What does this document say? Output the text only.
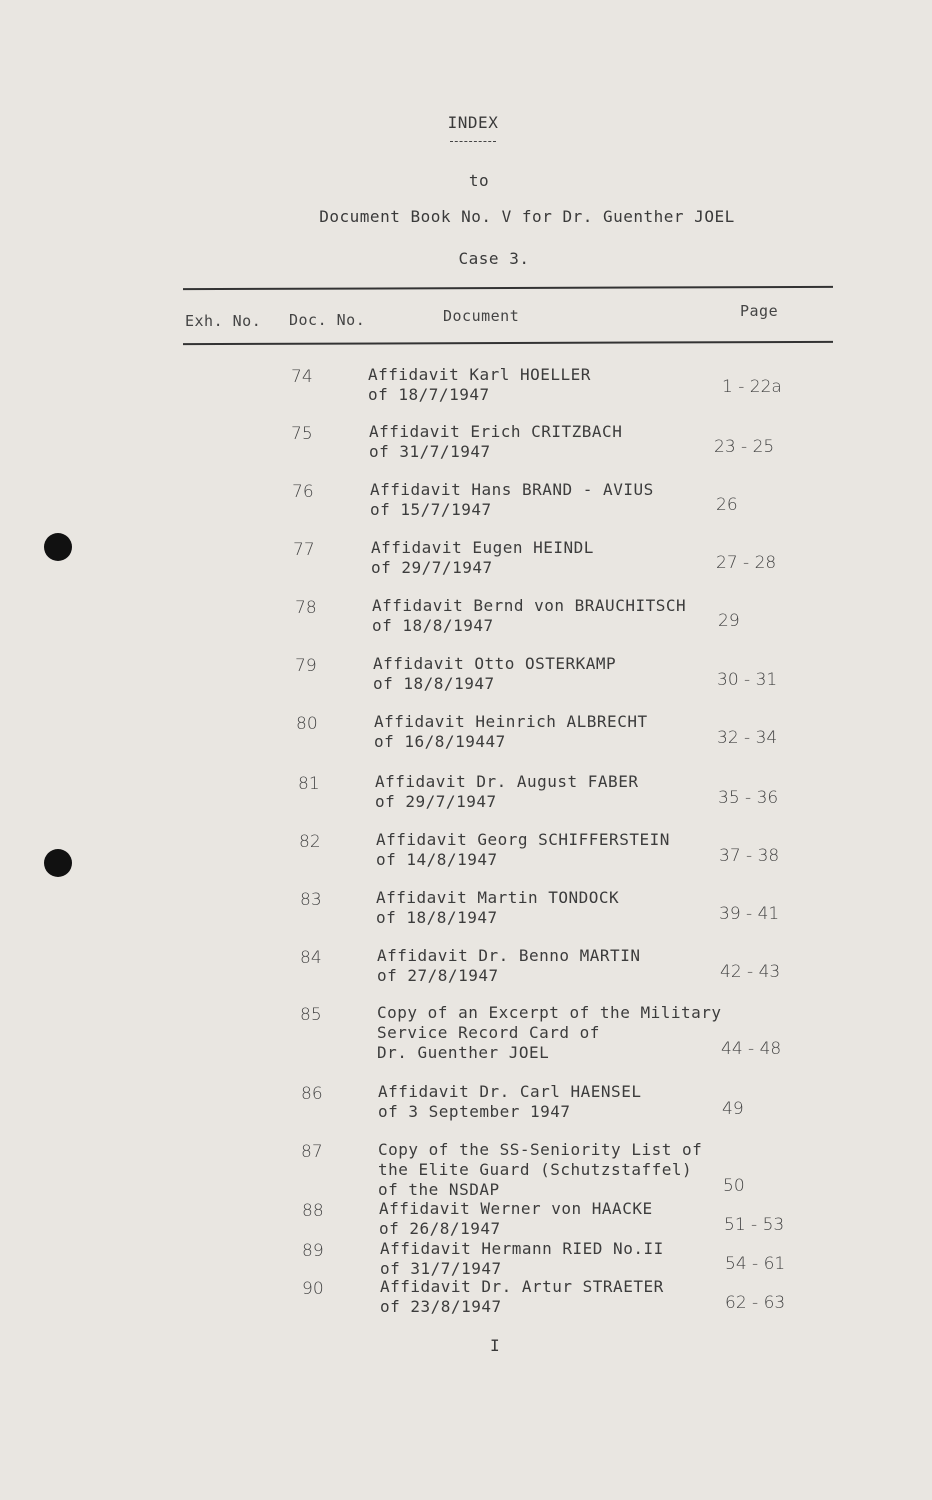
INDEX
to
Document Book No. V for Dr. Guenther JOEL
Case 3.
Exh. No. Doc. No.	Document	Page
74	Affidavit Karl HOELLER
of 18/7/1947	1 - 22a
75	Affidavit Erich CRITZBACH
of 31/7/1947	23 - 25
76	Affidavit Hans BRAND - AVIUS
of 15/7/1947	26
77	Affidavit Eugen HEINDL
of 29/7/1947	27 - 28
78	Affidavit Bernd von BRAUCHITSCH
of 18/8/1947	29
79	Affidavit Otto OSTERKAMP
of 18/8/1947	30 - 31
80	Affidavit Heinrich ALBRECHT
of 16/8/19447	32 - 34
81	Affidavit Dr. August FABER
of 29/7/1947	35 - 36
82	Affidavit Georg SCHIFFERSTEIN
of 14/8/1947	37 - 38
83	Affidavit Martin TONDOCK
of 18/8/1947	39 - 41
84	Affidavit Dr. Benno MARTIN
of 27/8/1947	42 - 43
85	Copy of an Excerpt of the Military
Service Record Card of
Dr. Guenther JOEL	44 - 48
86	Affidavit Dr. Carl HAENSEL
of 3 September 1947	49
87	Copy of the SS-Seniority List of
the Elite Guard (Schutzstaffel)
of the NSDAP	50
88	Affidavit Werner von HAACKE
of 26/8/1947	51 - 53
89	Affidavit Hermann RIED No.II
of 31/7/1947	54 - 61
90	Affidavit Dr. Artur STRAETER
of 23/8/1947	62 - 63
I
